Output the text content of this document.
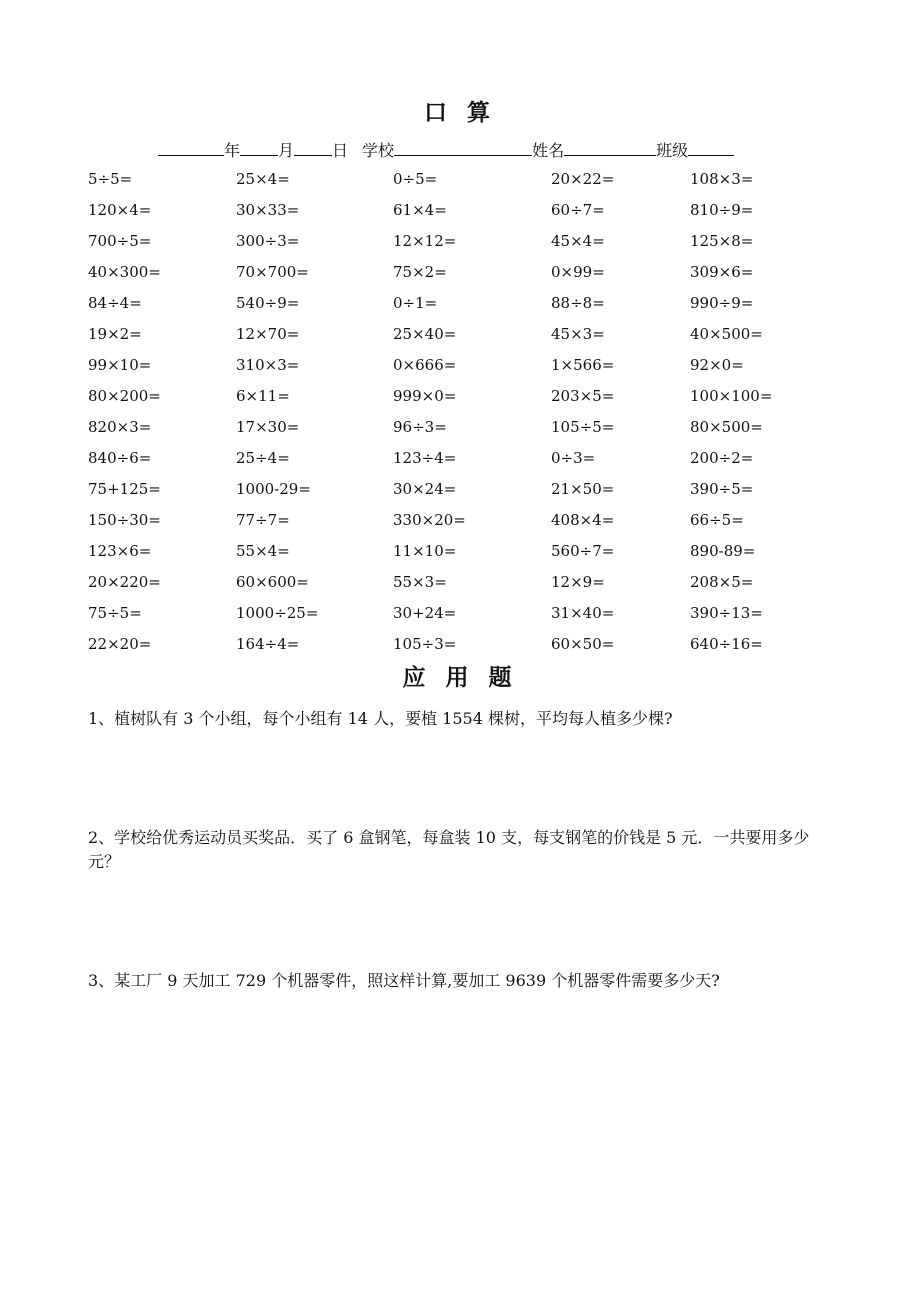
口 算
年 月 日 学校	姓名	班级
5÷5=	25×4=	0÷5=	20×22=	108×3=
120×4=	30×33=	61×4=	60÷7=	810÷9=
700÷5=	300÷3=	12×12=	45×4=	125×8=
40×300=	70×700=	75×2=	0×99=	309×6=
84÷4=	540÷9=	0÷1=	88÷8=	990÷9=
19×2=	12×70=	25×40=	45×3=	40×500=
99×10=	310×3=	0×666=	1×566=	92×0=
80×200=	6×11=	999×0=	203×5=	100×100=
820×3=	17×30=	96÷3=	105÷5=	80×500=
840÷6=	25÷4=	123÷4=	0÷3=	200÷2=
75+125=	1000-29=	30×24=	21×50=	390÷5=
150÷30=	77÷7=	330×20=	408×4=	66÷5=
123×6=	55×4=	11×10=	560÷7=	890-89=
20×220=	60×600=	55×3=	12×9=	208×5=
75÷5=	1000÷25=	30+24=	31×40=	390÷13=
22×20=	164÷4=	105÷3=	60×50=	640÷16=
应 用 题
1、植树队有 3 个小组，每个小组有 14 人，要植 1554 棵树，平均每人植多少棵?
2、学校给优秀运动员买奖品．买了 6 盒钢笔，每盒装 10 支，每支钢笔的价钱是 5 元．一共要用多少元？
3、某工厂 9 天加工 729 个机器零件，照这样计算,要加工 9639 个机器零件需要多少天?
